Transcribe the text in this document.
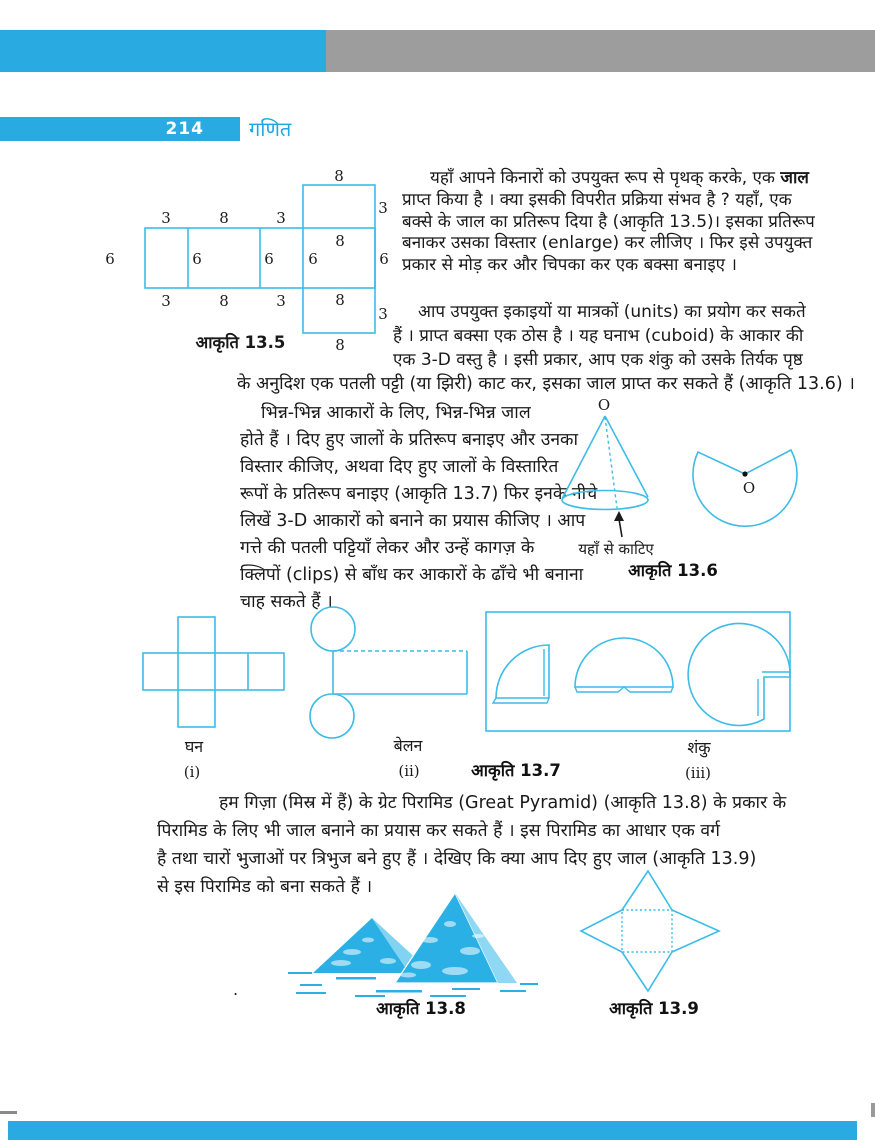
214	गणित
8
3
3	8	3
6	6	6 6	6
8
8
3
8
3	8	3
आकृति 13.5
यहाँ आपने किनारों को उपयुक्त रूप से पृथक् करके, एक जाल
प्राप्त किया है । क्या इसकी विपरीत प्रक्रिया संभव है ? यहाँ, एक
बक्से के जाल का प्रतिरूप दिया है (आकृति 13.5)। इसका प्रतिरूप
बनाकर उसका विस्तार (enlarge) कर लीजिए । फिर इसे उपयुक्त
प्रकार से मोड़ कर और चिपका कर एक बक्सा बनाइए ।
आप उपयुक्त इकाइयों या मात्रकों (units) का प्रयोग कर सकते
हैं । प्राप्त बक्सा एक ठोस है । यह घनाभ (cuboid) के आकार की
एक 3-D वस्तु है । इसी प्रकार, आप एक शंकु को उसके तिर्यक पृष्ठ
के अनुदिश एक पतली पट्टी (या झिरी) काट कर, इसका जाल प्राप्त कर सकते हैं (आकृति 13.6) ।
भिन्न-भिन्न आकारों के लिए, भिन्न-भिन्न जाल
होते हैं । दिए हुए जालों के प्रतिरूप बनाइए और उनका
विस्तार कीजिए, अथवा दिए हुए जालों के विस्तारित
रूपों के प्रतिरूप बनाइए (आकृति 13.7) फिर इनके नीचे
लिखें 3-D आकारों को बनाने का प्रयास कीजिए । आप
गत्ते की पतली पट्टियाँ लेकर और उन्हें कागज़ के
क्लिपों (clips) से बाँध कर आकारों के ढाँचे भी बनाना
चाह सकते हैं ।
O
O
यहाँ से काटिए
आकृति 13.6
घन
(i)
बेलन
(ii)	आकृति 13.7
शंकु
(iii)
हम गिज़ा (मिस्र में हैं) के ग्रेट पिरामिड (Great Pyramid) (आकृति 13.8) के प्रकार के
पिरामिड के लिए भी जाल बनाने का प्रयास कर सकते हैं । इस पिरामिड का आधार एक वर्ग
है तथा चारों भुजाओं पर त्रिभुज बने हुए हैं । देखिए कि क्या आप दिए हुए जाल (आकृति 13.9)
से इस पिरामिड को बना सकते हैं ।
आकृति 13.8	आकृति 13.9
.
